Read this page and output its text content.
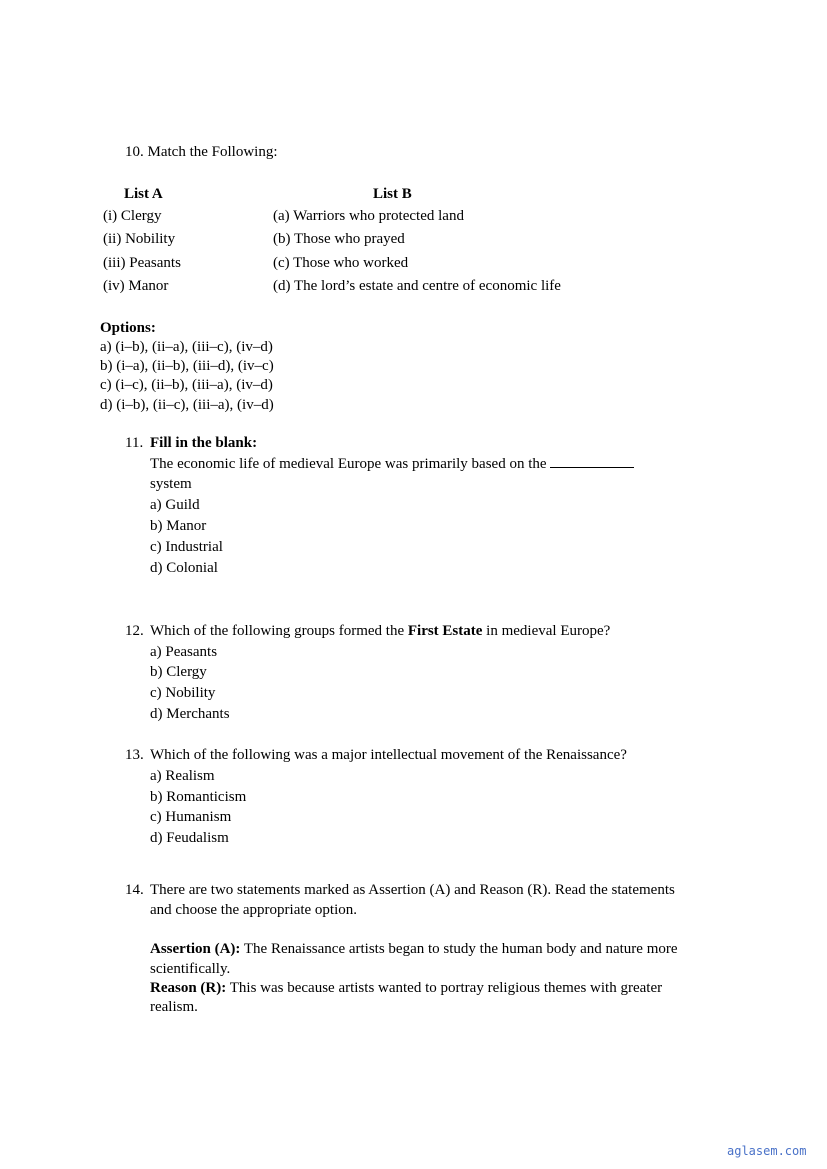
10. Match the Following:
List A	List B
(i) Clergy
(ii) Nobility
(iii) Peasants
(iv) Manor
(a) Warriors who protected land
(b) Those who prayed
(c) Those who worked
(d) The lord’s estate and centre of economic life
Options:
a) (i–b), (ii–a), (iii–c), (iv–d)
b) (i–a), (ii–b), (iii–d), (iv–c)
c) (i–c), (ii–b), (iii–a), (iv–d)
d) (i–b), (ii–c), (iii–a), (iv–d)
11. Fill in the blank:
The economic life of medieval Europe was primarily based on the
system
a) Guild
b) Manor
c) Industrial
d) Colonial
12. Which of the following groups formed the First Estate in medieval Europe?
a) Peasants
b) Clergy
c) Nobility
d) Merchants
13. Which of the following was a major intellectual movement of the Renaissance?
a) Realism
b) Romanticism
c) Humanism
d) Feudalism
14. There are two statements marked as Assertion (A) and Reason (R). Read the statements
and choose the appropriate option.
Assertion (A): The Renaissance artists began to study the human body and nature more
scientifically.
Reason (R): This was because artists wanted to portray religious themes with greater
realism.
aglasem.com
